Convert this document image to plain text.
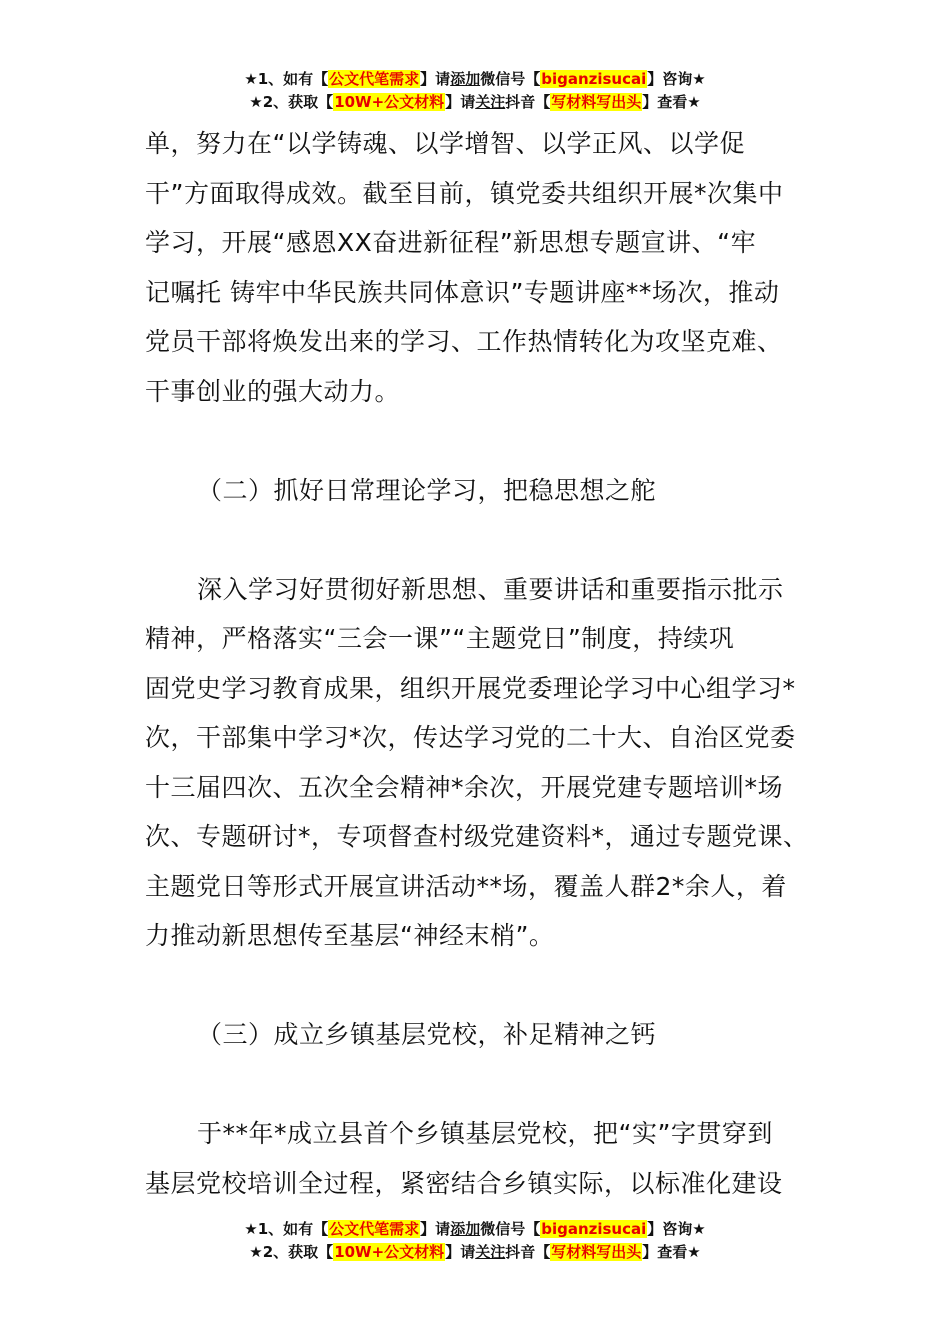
★1、如有【公文代笔需求】请添加微信号【biganzisucai】咨询★
★2、获取【10W+公文材料】请关注抖音【写材料写出头】查看★
单，努力在“以学铸魂、以学增智、以学正风、以学促
干”方面取得成效。截至目前，镇党委共组织开展*次集中
学习，开展“感恩XX奋进新征程”新思想专题宣讲、“牢
记嘱托 铸牢中华民族共同体意识”专题讲座**场次，推动
党员干部将焕发出来的学习、工作热情转化为攻坚克难、
干事创业的强大动力。
（二）抓好日常理论学习，把稳思想之舵
深入学习好贯彻好新思想、重要讲话和重要指示批示
精神，严格落实“三会一课”“主题党日”制度，持续巩
固党史学习教育成果，组织开展党委理论学习中心组学习*
次，干部集中学习*次，传达学习党的二十大、自治区党委
十三届四次、五次全会精神*余次，开展党建专题培训*场
次、专题研讨*，专项督查村级党建资料*，通过专题党课、
主题党日等形式开展宣讲活动**场，覆盖人群2*余人，着
力推动新思想传至基层“神经末梢”。
（三）成立乡镇基层党校，补足精神之钙
于**年*成立县首个乡镇基层党校，把“实”字贯穿到
基层党校培训全过程，紧密结合乡镇实际，以标准化建设
★1、如有【公文代笔需求】请添加微信号【biganzisucai】咨询★
★2、获取【10W+公文材料】请关注抖音【写材料写出头】查看★
